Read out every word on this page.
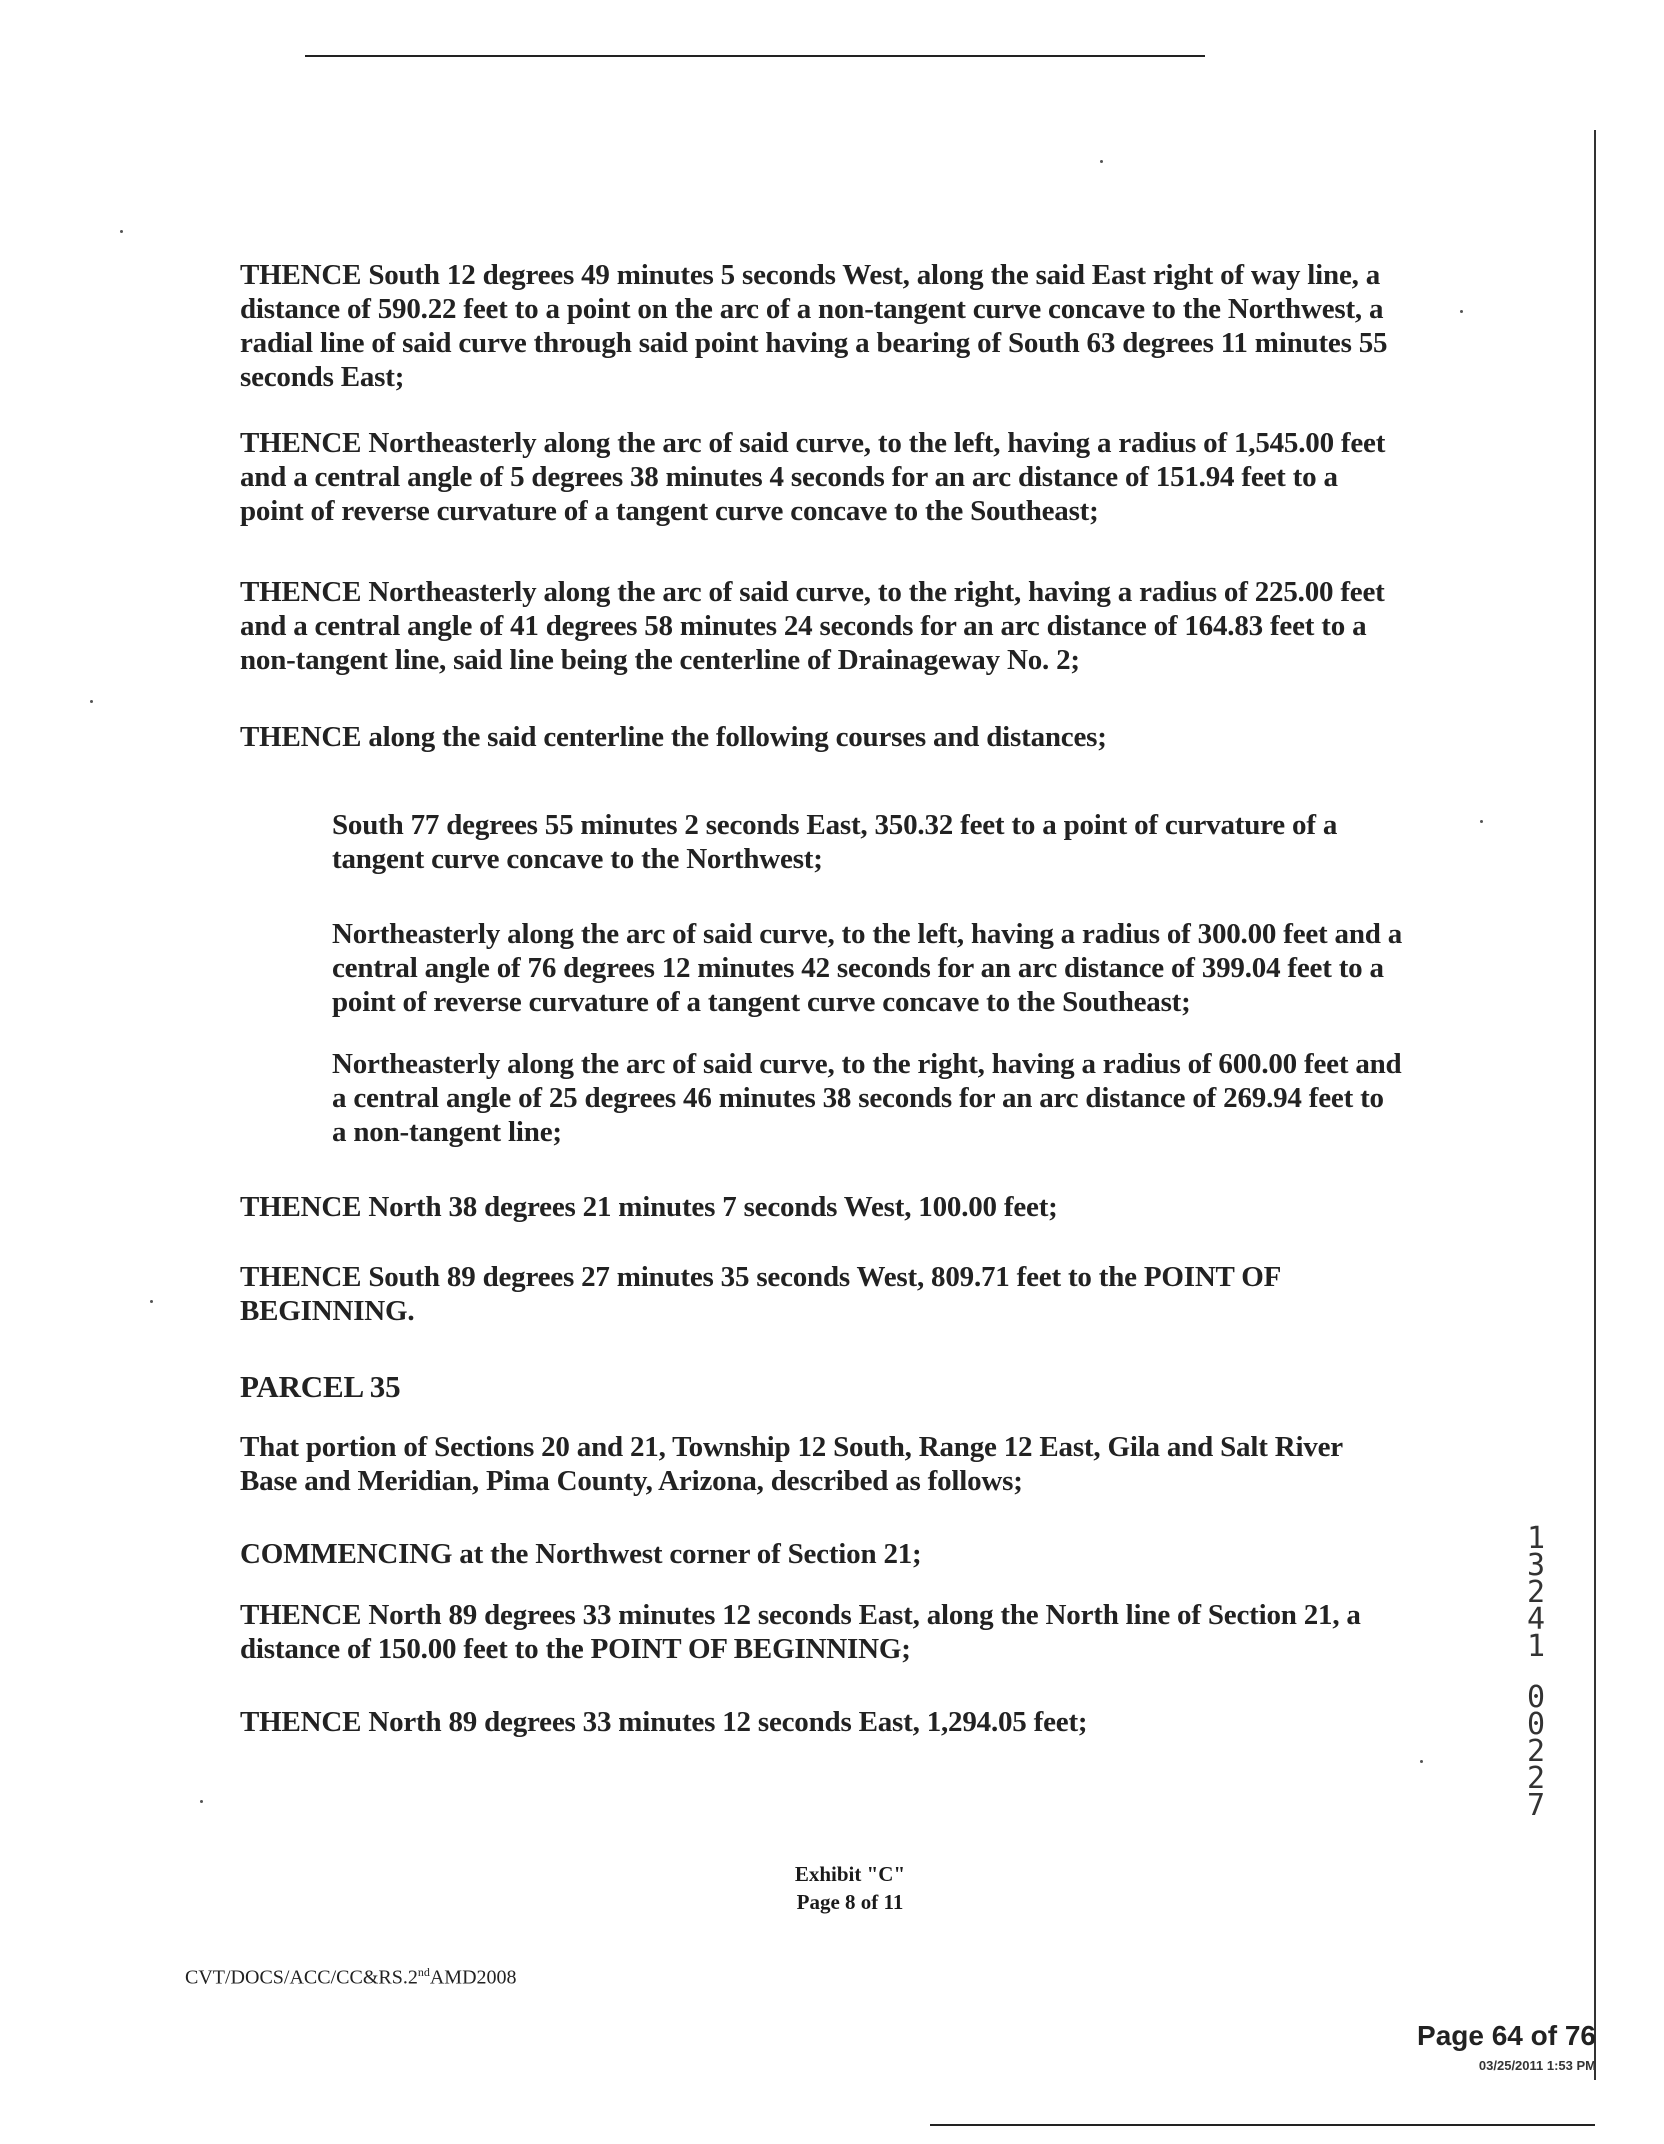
THENCE South 12 degrees 49 minutes 5 seconds West, along the said East right of way line, a distance of 590.22 feet to a point on the arc of a non-tangent curve concave to the Northwest, a radial line of said curve through said point having a bearing of South 63 degrees 11 minutes 55 seconds East;
THENCE Northeasterly along the arc of said curve, to the left, having a radius of 1,545.00 feet and a central angle of 5 degrees 38 minutes 4 seconds for an arc distance of 151.94 feet to a point of reverse curvature of a tangent curve concave to the Southeast;
THENCE Northeasterly along the arc of said curve, to the right, having a radius of 225.00 feet and a central angle of 41 degrees 58 minutes 24 seconds for an arc distance of 164.83 feet to a non-tangent line, said line being the centerline of Drainageway No. 2;
THENCE along the said centerline the following courses and distances;
South 77 degrees 55 minutes 2 seconds East, 350.32 feet to a point of curvature of a tangent curve concave to the Northwest;
Northeasterly along the arc of said curve, to the left, having a radius of 300.00 feet and a central angle of 76 degrees 12 minutes 42 seconds for an arc distance of 399.04 feet to a point of reverse curvature of a tangent curve concave to the Southeast;
Northeasterly along the arc of said curve, to the right, having a radius of 600.00 feet and a central angle of 25 degrees 46 minutes 38 seconds for an arc distance of 269.94 feet to a non-tangent line;
THENCE North 38 degrees 21 minutes 7 seconds West, 100.00 feet;
THENCE South 89 degrees 27 minutes 35 seconds West, 809.71 feet to the POINT OF BEGINNING.
PARCEL 35
That portion of Sections 20 and 21, Township 12 South, Range 12 East, Gila and Salt River Base and Meridian, Pima County, Arizona, described as follows;
COMMENCING at the Northwest corner of Section 21;
THENCE North 89 degrees 33 minutes 12 seconds East, along the North line of Section 21, a distance of 150.00 feet to the POINT OF BEGINNING;
THENCE North 89 degrees 33 minutes 12 seconds East, 1,294.05 feet;
1
3
2
4
1
0
0
2
2
7
Exhibit "C"
Page 8 of 11
CVT/DOCS/ACC/CC&RS.2ndAMD2008
Page 64 of 76
03/25/2011 1:53 PM
